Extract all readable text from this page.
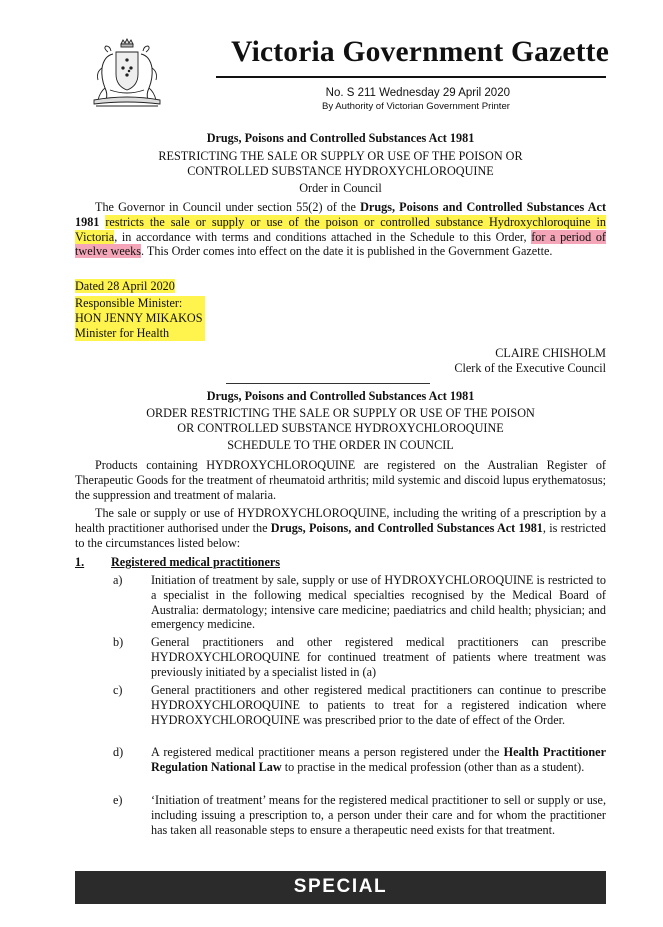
Victoria Government Gazette
No. S 211 Wednesday 29 April 2020
By Authority of Victorian Government Printer
Drugs, Poisons and Controlled Substances Act 1981
RESTRICTING THE SALE OR SUPPLY OR USE OF THE POISON OR
CONTROLLED SUBSTANCE HYDROXYCHLOROQUINE
Order in Council
The Governor in Council under section 55(2) of the Drugs, Poisons and Controlled Substances Act 1981 restricts the sale or supply or use of the poison or controlled substance Hydroxychloroquine in Victoria, in accordance with terms and conditions attached in the Schedule to this Order, for a period of twelve weeks. This Order comes into effect on the date it is published in the Government Gazette.
Dated 28 April 2020
Responsible Minister:
HON JENNY MIKAKOS
Minister for Health
CLAIRE CHISHOLM
Clerk of the Executive Council
Drugs, Poisons and Controlled Substances Act 1981
ORDER RESTRICTING THE SALE OR SUPPLY OR USE OF THE POISON
OR CONTROLLED SUBSTANCE HYDROXYCHLOROQUINE
SCHEDULE TO THE ORDER IN COUNCIL
Products containing HYDROXYCHLOROQUINE are registered on the Australian Register of Therapeutic Goods for the treatment of rheumatoid arthritis; mild systemic and discoid lupus erythematosus; the suppression and treatment of malaria.
The sale or supply or use of HYDROXYCHLOROQUINE, including the writing of a prescription by a health practitioner authorised under the Drugs, Poisons, and Controlled Substances Act 1981, is restricted to the circumstances listed below:
1. Registered medical practitioners
a) Initiation of treatment by sale, supply or use of HYDROXYCHLOROQUINE is restricted to a specialist in the following medical specialties recognised by the Medical Board of Australia: dermatology; intensive care medicine; paediatrics and child health; physician; and emergency medicine.
b) General practitioners and other registered medical practitioners can prescribe HYDROXYCHLOROQUINE for continued treatment of patients where treatment was previously initiated by a specialist listed in (a)
c) General practitioners and other registered medical practitioners can continue to prescribe HYDROXYCHLOROQUINE to patients to treat for a registered indication where HYDROXYCHLOROQUINE was prescribed prior to the date of effect of the Order.
d) A registered medical practitioner means a person registered under the Health Practitioner Regulation National Law to practise in the medical profession (other than as a student).
e) ‘Initiation of treatment’ means for the registered medical practitioner to sell or supply or use, including issuing a prescription to, a person under their care and for whom the practitioner has taken all reasonable steps to ensure a therapeutic need exists for that treatment.
SPECIAL
